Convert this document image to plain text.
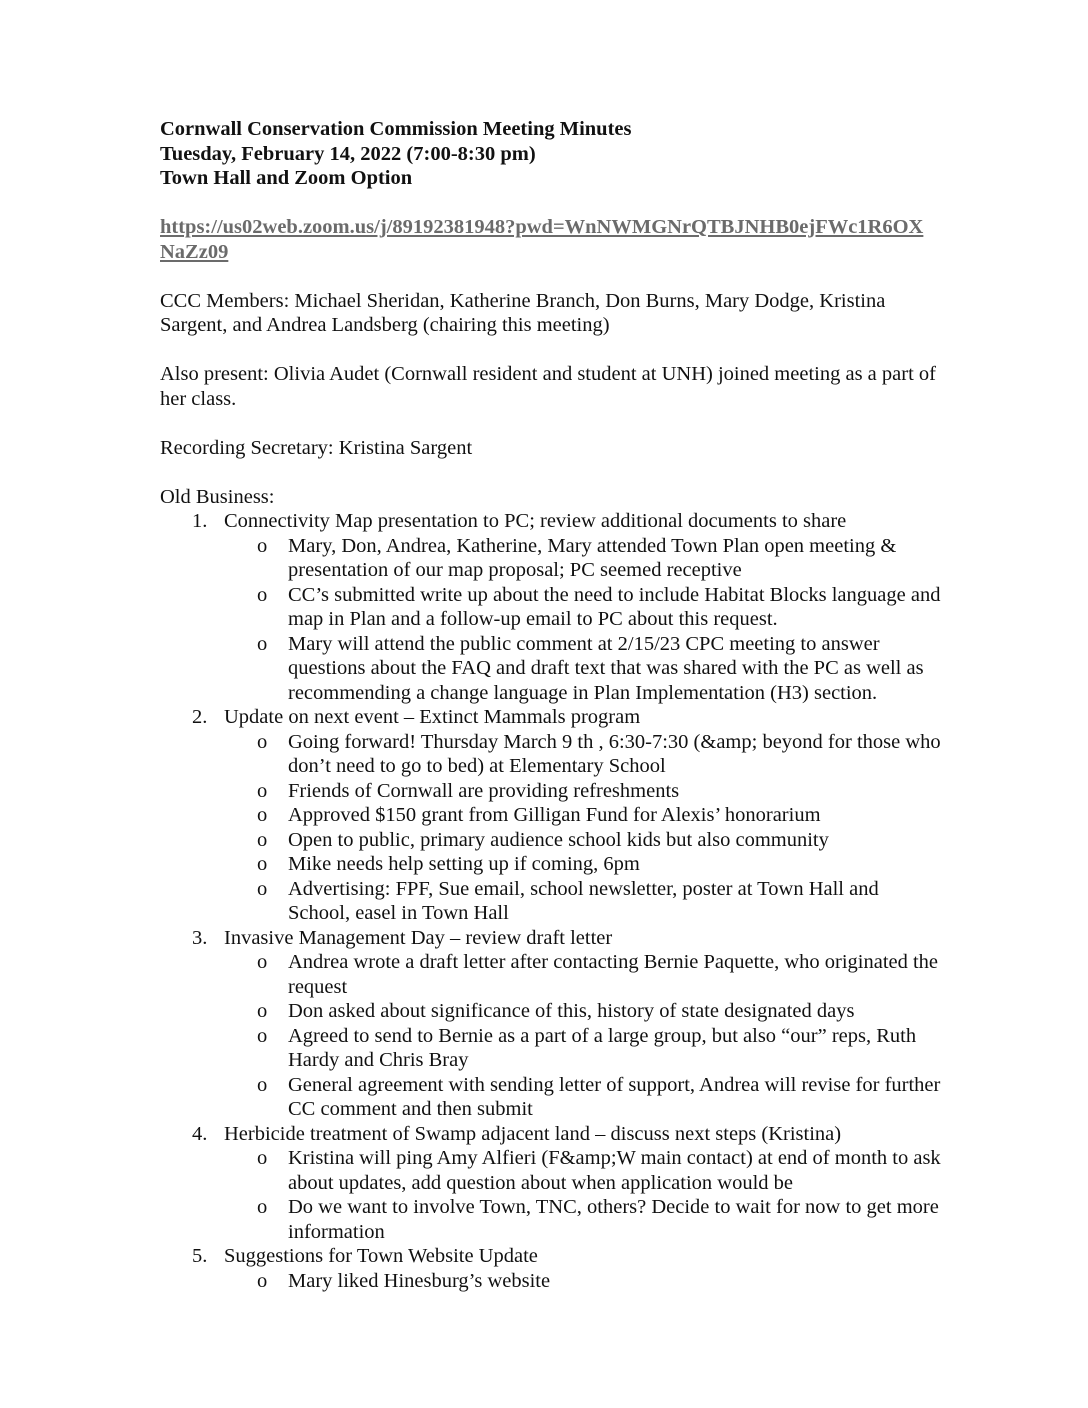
Cornwall Conservation Commission Meeting Minutes
Tuesday, February 14, 2022 (7:00-8:30 pm)
Town Hall and Zoom Option
https://us02web.zoom.us/j/89192381948?pwd=WnNWMGNrQTBJNHB0ejFWc1R6OXNaZz09

CCC Members: Michael Sheridan, Katherine Branch, Don Burns, Mary Dodge, Kristina Sargent, and Andrea Landsberg (chairing this meeting)

Also present: Olivia Audet (Cornwall resident and student at UNH) joined meeting as a part of her class.

Recording Secretary: Kristina Sargent

Old Business:
1. Connectivity Map presentation to PC; review additional documents to share
o Mary, Don, Andrea, Katherine, Mary attended Town Plan open meeting & presentation of our map proposal; PC seemed receptive
o CC’s submitted write up about the need to include Habitat Blocks language and map in Plan and a follow-up email to PC about this request.
o Mary will attend the public comment at 2/15/23 CPC meeting to answer questions about the FAQ and draft text that was shared with the PC as well as recommending a change language in Plan Implementation (H3) section.
2. Update on next event – Extinct Mammals program
o Going forward! Thursday March 9 th , 6:30-7:30 (&amp; beyond for those who don’t need to go to bed) at Elementary School
o Friends of Cornwall are providing refreshments
o Approved $150 grant from Gilligan Fund for Alexis’ honorarium
o Open to public, primary audience school kids but also community
o Mike needs help setting up if coming, 6pm
o Advertising: FPF, Sue email, school newsletter, poster at Town Hall and School, easel in Town Hall
3. Invasive Management Day – review draft letter
o Andrea wrote a draft letter after contacting Bernie Paquette, who originated the request
o Don asked about significance of this, history of state designated days
o Agreed to send to Bernie as a part of a large group, but also “our” reps, Ruth Hardy and Chris Bray
o General agreement with sending letter of support, Andrea will revise for further CC comment and then submit
4. Herbicide treatment of Swamp adjacent land – discuss next steps (Kristina)
o Kristina will ping Amy Alfieri (F&amp;W main contact) at end of month to ask about updates, add question about when application would be
o Do we want to involve Town, TNC, others? Decide to wait for now to get more information
5. Suggestions for Town Website Update
o Mary liked Hinesburg’s website
